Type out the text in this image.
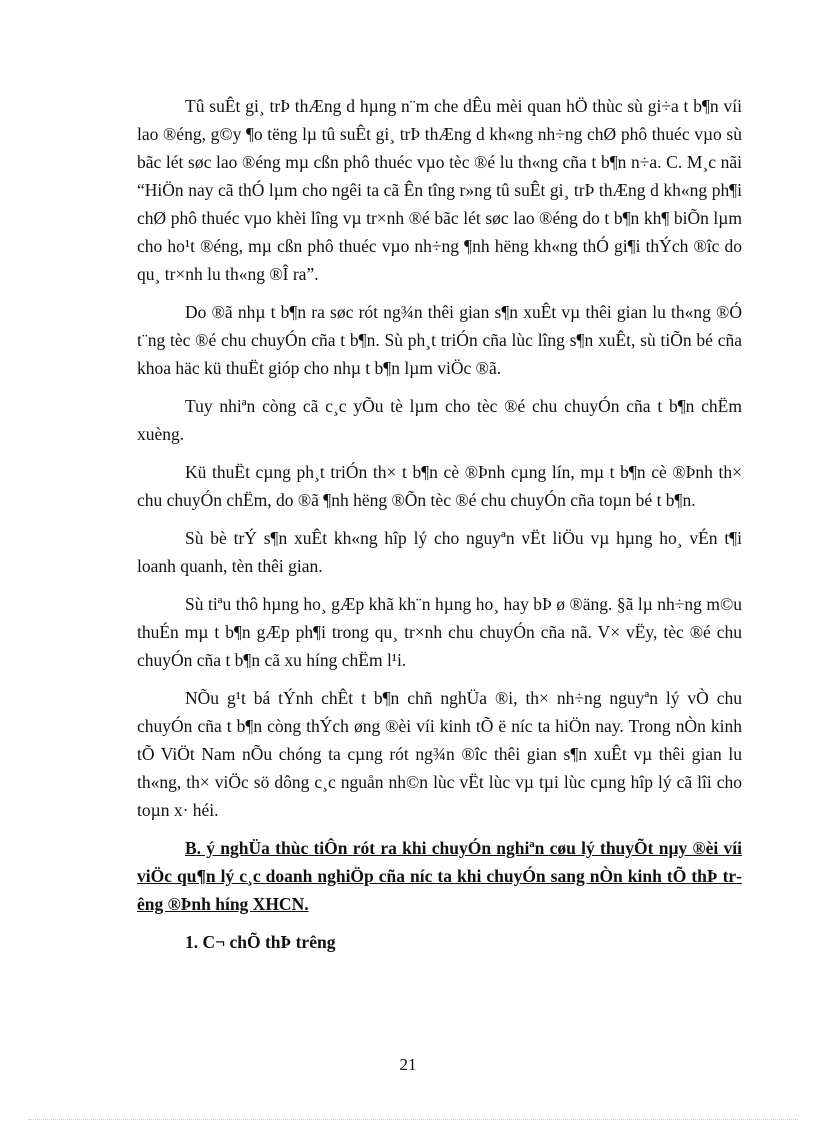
Tû suÊt gi¸ trÞ thÆng d hµng n¨m che dÊu mèi quan hÖ thùc sù gi÷a t b¶n víi lao ®éng, g©y ¶o tëng lµ tû suÊt gi¸ trÞ thÆng d kh«ng nh÷ng chØ phô thuéc vµo sù bãc lét søc lao ®éng mµ cßn phô thuéc vµo tèc ®é lu th«ng cña t b¶n n÷a. C. M¸c nãi “HiÖn nay cã thÓ lµm cho ngêi ta cã Ên tîng r»ng tû suÊt gi¸ trÞ thÆng d kh«ng ph¶i chØ phô thuéc vµo khèi lîng vµ tr×nh ®é bãc lét søc lao ®éng do t b¶n kh¶ biÕn lµm cho ho¹t ®éng, mµ cßn phô thuéc vµo nh÷ng ¶nh hëng kh«ng thÓ gi¶i thÝch ®îc do qu¸ tr×nh lu th«ng ®Î ra”.

Do ®ã nhµ t b¶n ra søc rót ng¾n thêi gian s¶n xuÊt vµ thêi gian lu th«ng ®Ó t¨ng tèc ®é chu chuyÓn cña t b¶n. Sù ph¸t triÓn cña lùc lîng s¶n xuÊt, sù tiÕn bé cña khoa häc kü thuËt gióp cho nhµ t b¶n lµm viÖc ®ã.

Tuy nhiªn còng cã c¸c yÕu tè lµm cho tèc ®é chu chuyÓn cña t b¶n chËm xuèng.

Kü thuËt cµng ph¸t triÓn th× t b¶n cè ®Þnh cµng lín, mµ t b¶n cè ®Þnh th× chu chuyÓn chËm, do ®ã ¶nh hëng ®Õn tèc ®é chu chuyÓn cña toµn bé t b¶n.

Sù bè trÝ s¶n xuÊt kh«ng hîp lý cho nguyªn vËt liÖu vµ hµng ho¸ vÉn t¶i loanh quanh, tèn thêi gian.

Sù tiªu thô hµng ho¸ gÆp khã kh¨n hµng ho¸ hay bÞ ø ®äng. §ã lµ nh÷ng m©u thuÉn mµ t b¶n gÆp ph¶i trong qu¸ tr×nh chu chuyÓn cña nã. V× vËy, tèc ®é chu chuyÓn cña t b¶n cã xu híng chËm l¹i.

NÕu g¹t bá tÝnh chÊt t b¶n chñ nghÜa ®i, th× nh÷ng nguyªn lý vÒ chu chuyÓn cña t b¶n còng thÝch øng ®èi víi kinh tÕ ë níc ta hiÖn nay. Trong nÒn kinh tÕ ViÖt Nam nÕu chóng ta cµng rót ng¾n ®îc thêi gian s¶n xuÊt vµ thêi gian lu th«ng, th× viÖc sö dông c¸c nguån nh©n lùc vËt lùc vµ tµi lùc cµng hîp lý cã lîi cho toµn x· héi.

B. ý nghÜa thùc tiÔn rót ra khi chuyÓn nghiªn cøu lý thuyÕt nµy ®èi víi viÖc qu¶n lý c¸c doanh nghiÖp cña níc ta khi chuyÓn sang nÒn kinh tÕ thÞ trêng ®Þnh híng XHCN.

1. C¬ chÕ thÞ trêng

21
